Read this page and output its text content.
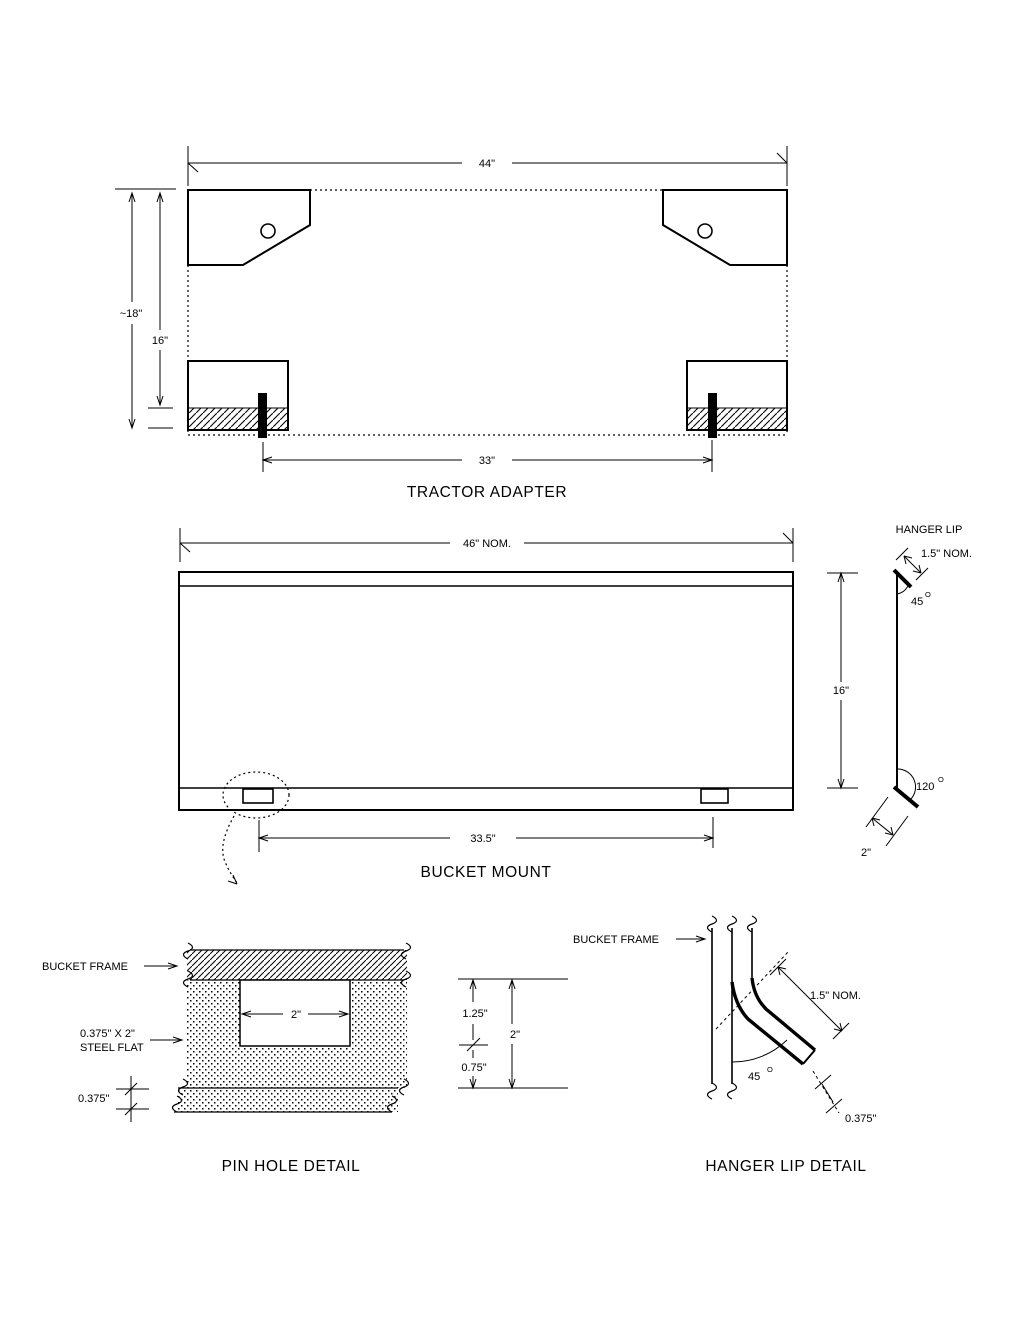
44"
~18"
16"
33"
TRACTOR ADAPTER
46" NOM.
33.5"
BUCKET MOUNT
16"
HANGER LIP
1.5" NOM.
45
O
120
O
2"
2"
BUCKET FRAME
0.375" X 2"
STEEL FLAT
0.375"
1.25"
0.75"
2"
PIN HOLE DETAIL
BUCKET FRAME
1.5" NOM.
45
O
0.375"
HANGER LIP DETAIL
